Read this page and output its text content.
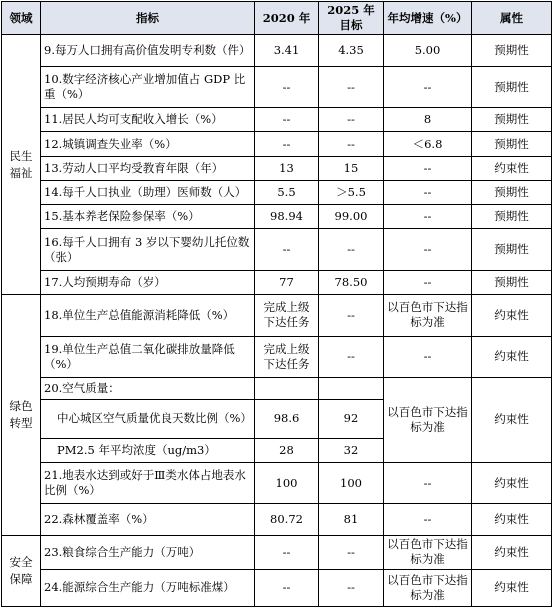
领域	指标	2020 年	2025 年目标	年均增速（%）	属性
民生福祉	9.每万人口拥有高价值发明专利数（件）	3.41	4.35	5.00	预期性
	10.数字经济核心产业增加值占 GDP 比重（%）	--	--	--	预期性
	11.居民人均可支配收入增长（%）	--	--	8	预期性
	12.城镇调查失业率（%）	--	--	＜6.8	预期性
	13.劳动人口平均受教育年限（年）	13	15	--	约束性
	14.每千人口执业（助理）医师数（人）	5.5	＞5.5	--	预期性
	15.基本养老保险参保率（%）	98.94	99.00	--	预期性
	16.每千人口拥有 3 岁以下婴幼儿托位数（张）	--	--	--	预期性
	17.人均预期寿命（岁）	77	78.50	--	预期性
绿色转型	18.单位生产总值能源消耗降低（%）	完成上级下达任务	--	以百色市下达指标为准	约束性
	19.单位生产总值二氧化碳排放量降低（%）	完成上级下达任务	--	--	约束性
	20.空气质量：			以百色市下达指标为准	约束性
	中心城区空气质量优良天数比例（%）	98.6	92		
	PM2.5 年平均浓度（ug/m3）	28	32		
	21.地表水达到或好于Ⅲ类水体占地表水比例（%）	100	100	--	约束性
	22.森林覆盖率（%）	80.72	81	--	约束性
安全保障	23.粮食综合生产能力（万吨）	--	--	以百色市下达指标为准	约束性
	24.能源综合生产能力（万吨标准煤）	--	--	以百色市下达指标为准	约束性
